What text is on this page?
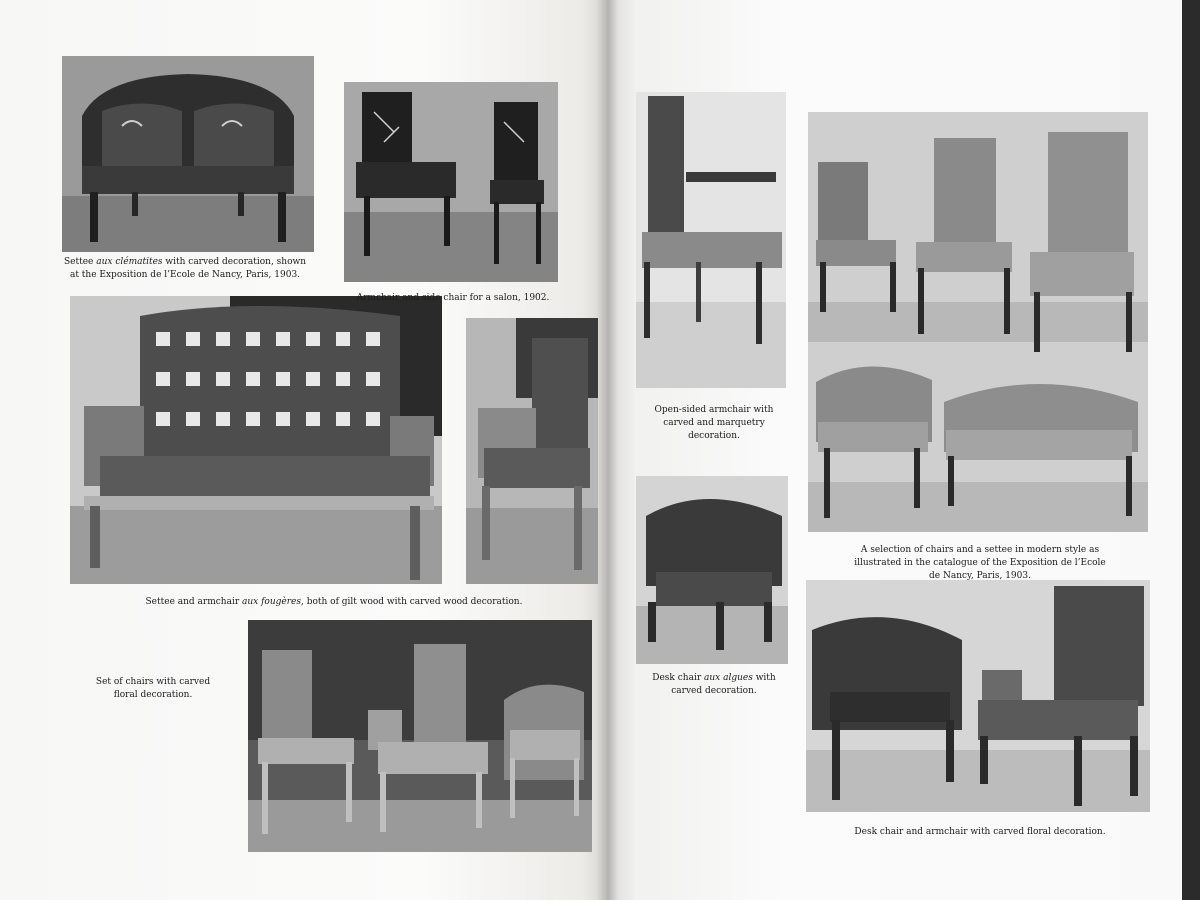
Settee aux clématites with carved decoration, shown at the Exposition de l’Ecole de Nancy, Paris, 1903.
Armchair and side chair for a salon, 1902.
Settee and armchair aux fougères, both of gilt wood with carved wood decoration.
Set of chairs with carved floral decoration.
Open-sided armchair with carved and marquetry decoration.
A selection of chairs and a settee in modern style as illustrated in the catalogue of the Exposition de l’Ecole de Nancy, Paris, 1903.
Desk chair aux algues with carved decoration.
Desk chair and armchair with carved floral decoration.
